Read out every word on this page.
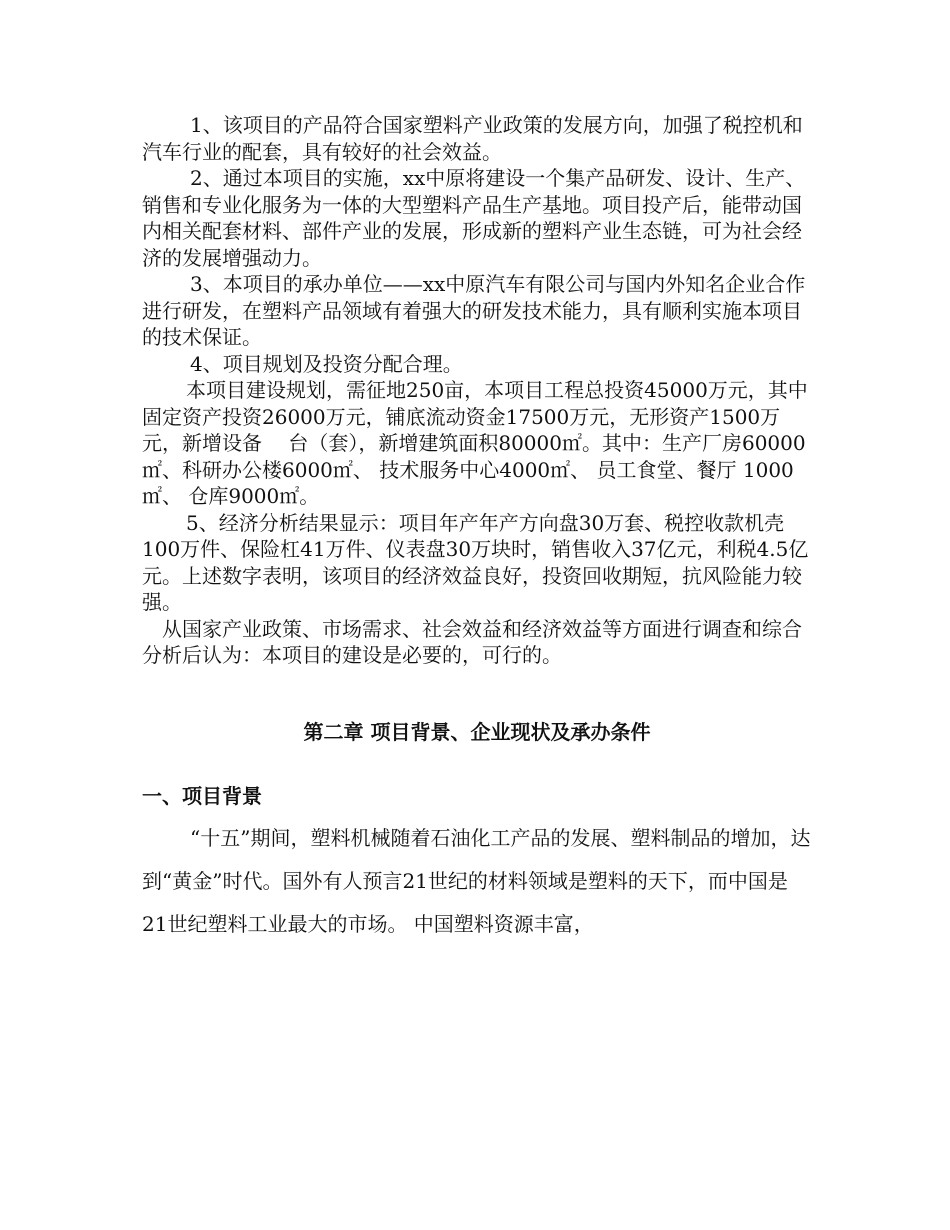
1、该项目的产品符合国家塑料产业政策的发展方向，加强了税控机和汽车行业的配套，具有较好的社会效益。

2、通过本项目的实施，xx中原将建设一个集产品研发、设计、生产、销售和专业化服务为一体的大型塑料产品生产基地。项目投产后，能带动国内相关配套材料、部件产业的发展，形成新的塑料产业生态链，可为社会经济的发展增强动力。

3、本项目的承办单位——xx中原汽车有限公司与国内外知名企业合作进行研发，在塑料产品领域有着强大的研发技术能力，具有顺利实施本项目的技术保证。

4、项目规划及投资分配合理。

本项目建设规划，需征地250亩，本项目工程总投资45000万元，其中固定资产投资26000万元，铺底流动资金17500万元，无形资产1500万元，新增设备　 台（套），新增建筑面积80000㎡。其中：生产厂房60000㎡、科研办公楼6000㎡、 技术服务中心4000㎡、 员工食堂、餐厅 1000㎡、 仓库9000㎡。

5、经济分析结果显示：项目年产年产方向盘30万套、税控收款机壳100万件、保险杠41万件、仪表盘30万块时，销售收入37亿元，利税4.5亿元。上述数字表明，该项目的经济效益良好，投资回收期短，抗风险能力较强。

从国家产业政策、市场需求、社会效益和经济效益等方面进行调查和综合分析后认为：本项目的建设是必要的，可行的。

第二章 项目背景、企业现状及承办条件
一、项目背景

“十五”期间，塑料机械随着石油化工产品的发展、塑料制品的增加，达到“黄金”时代。国外有人预言21世纪的材料领域是塑料的天下，而中国是21世纪塑料工业最大的市场。 中国塑料资源丰富，
